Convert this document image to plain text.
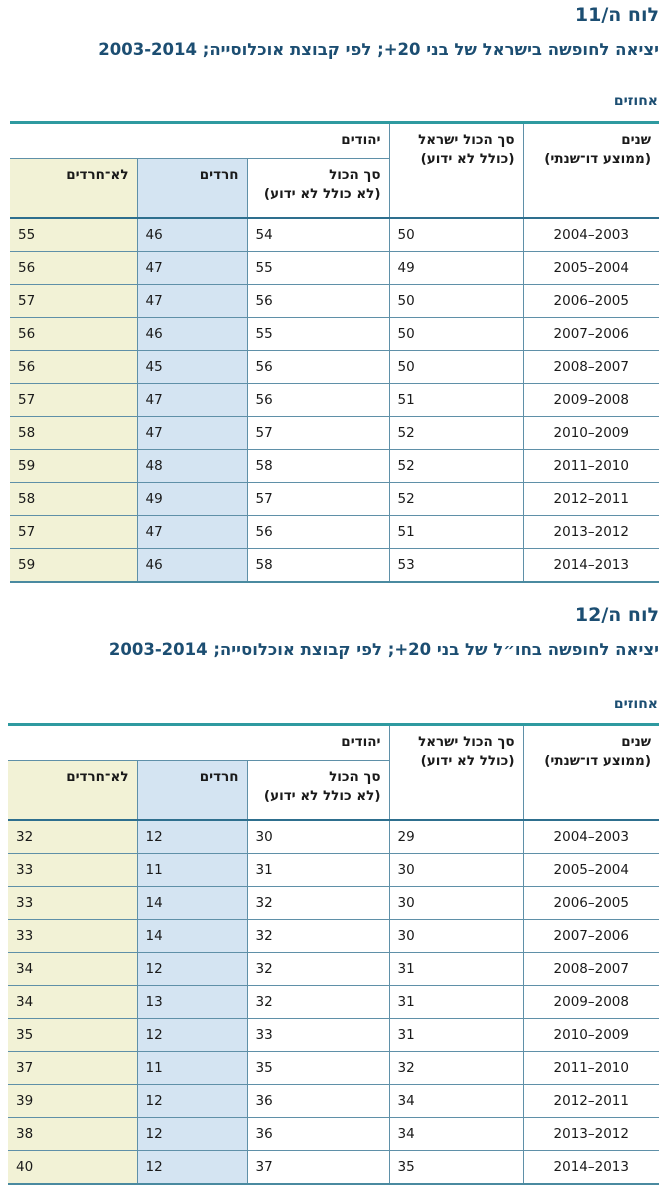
לוח ה/11
יציאה לחופשה בישראל של בני 20+; לפי קבוצת אוכלוסייה; 2003-2014
אחוזים
שנים
(ממוצע דו־שנתי)	סך הכול ישראל
(כולל לא ידוע)	יהודים		
		סך הכול
(לא כולל לא ידוע)	חרדים	לא־חרדים
2003–2004	50	54	46	55
2004–2005	49	55	47	56
2005–2006	50	56	47	57
2006–2007	50	55	46	56
2007–2008	50	56	45	56
2008–2009	51	56	47	57
2009–2010	52	57	47	58
2010–2011	52	58	48	59
2011–2012	52	57	49	58
2012–2013	51	56	47	57
2013–2014	53	58	46	59
לוח ה/12
יציאה לחופשה בחו״ל של בני 20+; לפי קבוצת אוכלוסייה; 2003-2014
אחוזים
שנים
(ממוצע דו־שנתי)	סך הכול ישראל
(כולל לא ידוע)	יהודים		
		סך הכול
(לא כולל לא ידוע)	חרדים	לא־חרדים
2003–2004	29	30	12	32
2004–2005	30	31	11	33
2005–2006	30	32	14	33
2006–2007	30	32	14	33
2007–2008	31	32	12	34
2008–2009	31	32	13	34
2009–2010	31	33	12	35
2010–2011	32	35	11	37
2011–2012	34	36	12	39
2012–2013	34	36	12	38
2013–2014	35	37	12	40
